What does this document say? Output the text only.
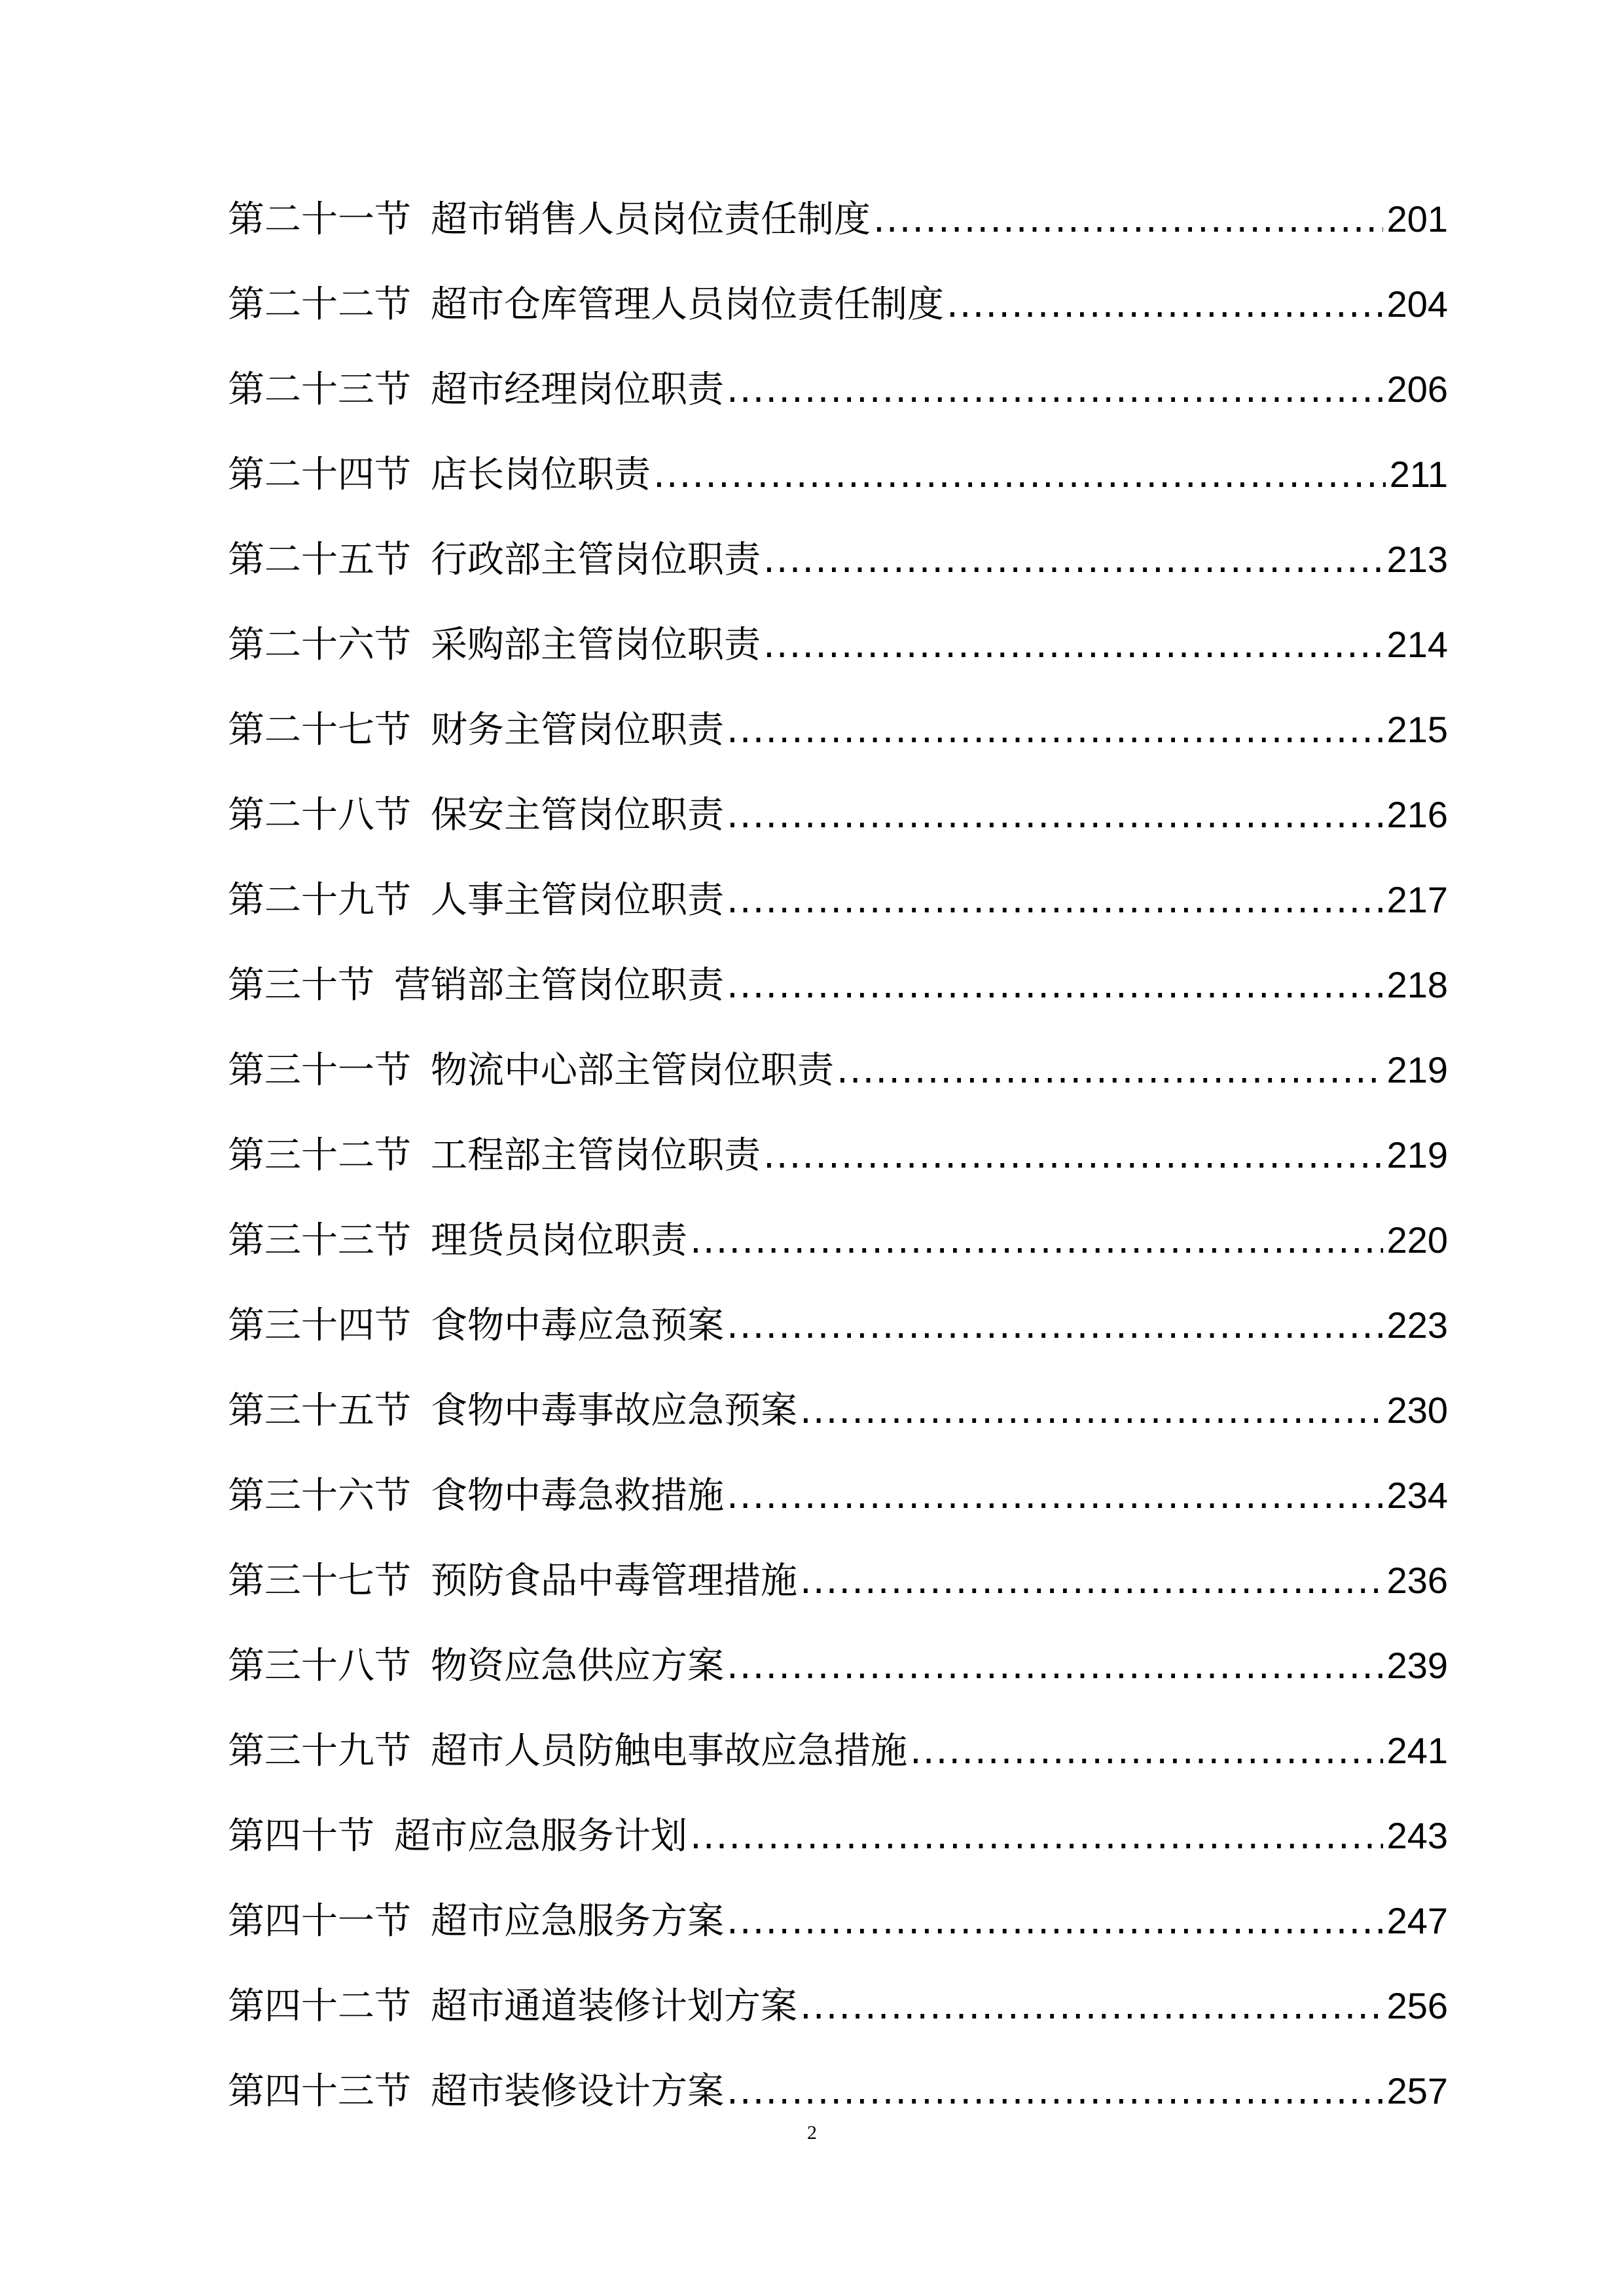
第二十一节 超市销售人员岗位责任制度 .....	201
第二十二节 超市仓库管理人员岗位责任制度 .....	204
第二十三节 超市经理岗位职责 .....	206
第二十四节 店长岗位职责 .....	211
第二十五节 行政部主管岗位职责 .....	213
第二十六节 采购部主管岗位职责 .....	214
第二十七节 财务主管岗位职责 .....	215
第二十八节 保安主管岗位职责 .....	216
第二十九节 人事主管岗位职责 .....	217
第三十节 营销部主管岗位职责 .....	218
第三十一节 物流中心部主管岗位职责 .....	219
第三十二节 工程部主管岗位职责 .....	219
第三十三节 理货员岗位职责 .....	220
第三十四节 食物中毒应急预案 .....	223
第三十五节 食物中毒事故应急预案 .....	230
第三十六节 食物中毒急救措施 .....	234
第三十七节 预防食品中毒管理措施 .....	236
第三十八节 物资应急供应方案 .....	239
第三十九节 超市人员防触电事故应急措施 .....	241
第四十节 超市应急服务计划 .....	243
第四十一节 超市应急服务方案 .....	247
第四十二节 超市通道装修计划方案 .....	256
第四十三节 超市装修设计方案 .....	257
2
